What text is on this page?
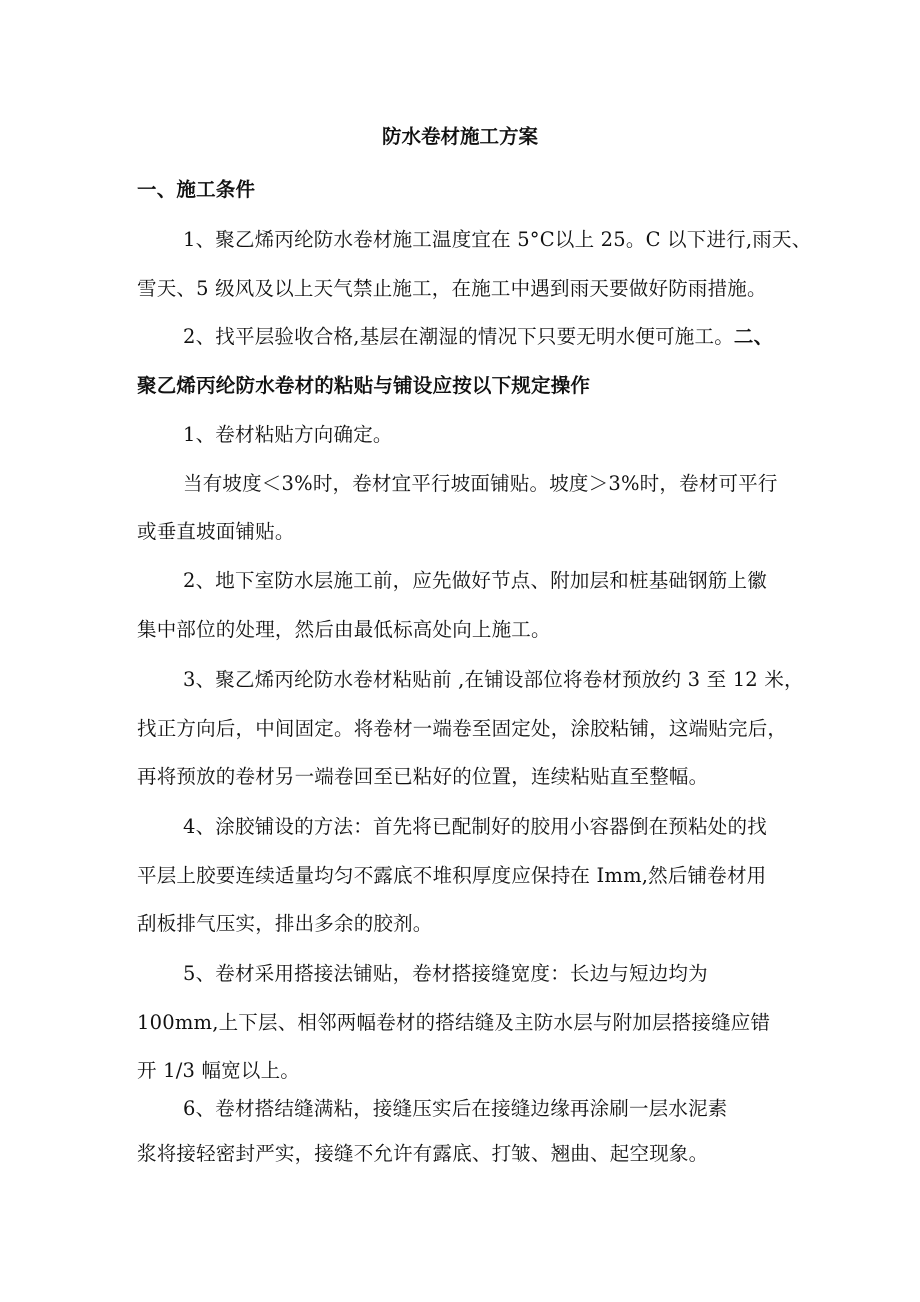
防水卷材施工方案
一、施工条件
1、聚乙烯丙纶防水卷材施工温度宜在 5°C以上 25。C 以下进行,雨天、
雪天、5 级风及以上天气禁止施工，在施工中遇到雨天要做好防雨措施。
2、找平层验收合格,基层在潮湿的情况下只要无明水便可施工。二、
聚乙烯丙纶防水卷材的粘贴与铺设应按以下规定操作
1、卷材粘贴方向确定。
当有坡度＜3%时，卷材宜平行坡面铺贴。坡度＞3%时，卷材可平行
或垂直坡面铺贴。
2、地下室防水层施工前，应先做好节点、附加层和桩基础钢筋上徽
集中部位的处理，然后由最低标高处向上施工。
3、聚乙烯丙纶防水卷材粘贴前 ,在铺设部位将卷材预放约 3 至 12 米，
找正方向后，中间固定。将卷材一端卷至固定处，涂胶粘铺，这端贴完后，
再将预放的卷材另一端卷回至已粘好的位置，连续粘贴直至整幅。
4、涂胶铺设的方法：首先将已配制好的胶用小容器倒在预粘处的找
平层上胶要连续适量均匀不露底不堆积厚度应保持在 Imm,然后铺卷材用
刮板排气压实，排出多余的胶剂。
5、卷材采用搭接法铺贴，卷材搭接缝宽度：长边与短边均为
100mm,上下层、相邻两幅卷材的搭结缝及主防水层与附加层搭接缝应错
开 1/3 幅宽以上。
6、卷材搭结缝满粘，接缝压实后在接缝边缘再涂刷一层水泥素
浆将接轻密封严实，接缝不允许有露底、打皱、翘曲、起空现象。
